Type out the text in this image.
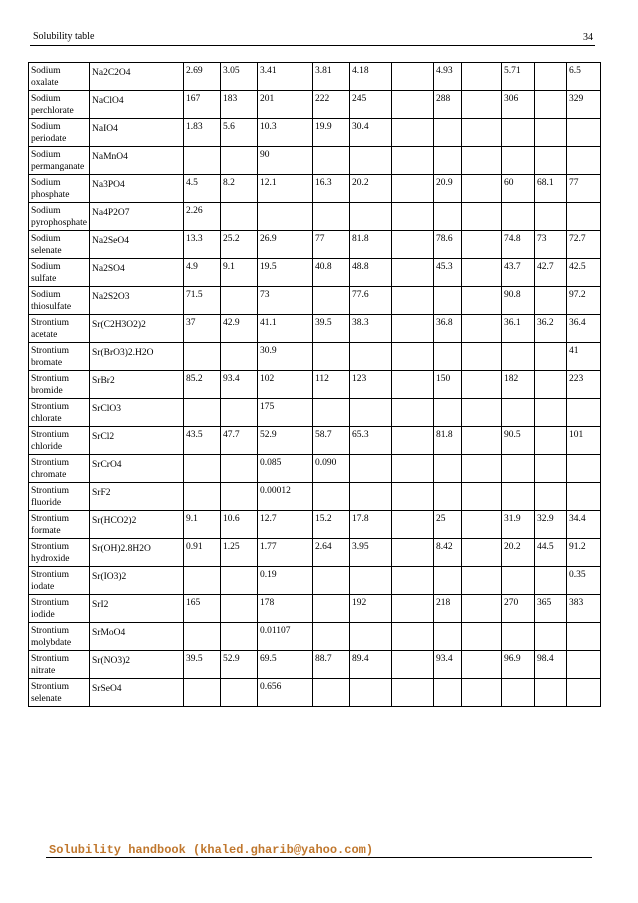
Solubility table	34
Sodium oxalate	Na2C2O4	2.69	3.05	3.41	3.81	4.18		4.93		5.71		6.5
Sodium perchlorate	NaClO4	167	183	201	222	245		288		306		329
Sodium periodate	NaIO4	1.83	5.6	10.3	19.9	30.4						
Sodium permanganate	NaMnO4			90								
Sodium phosphate	Na3PO4	4.5	8.2	12.1	16.3	20.2		20.9		60	68.1	77
Sodium pyrophosphate	Na4P2O7	2.26										
Sodium selenate	Na2SeO4	13.3	25.2	26.9	77	81.8		78.6		74.8	73	72.7
Sodium sulfate	Na2SO4	4.9	9.1	19.5	40.8	48.8		45.3		43.7	42.7	42.5
Sodium thiosulfate	Na2S2O3	71.5		73		77.6				90.8		97.2
Strontium acetate	Sr(C2H3O2)2	37	42.9	41.1	39.5	38.3		36.8		36.1	36.2	36.4
Strontium bromate	Sr(BrO3)2.H2O			30.9								41
Strontium bromide	SrBr2	85.2	93.4	102	112	123		150		182		223
Strontium chlorate	SrClO3			175								
Strontium chloride	SrCl2	43.5	47.7	52.9	58.7	65.3		81.8		90.5		101
Strontium chromate	SrCrO4			0.085	0.090							
Strontium fluoride	SrF2			0.00012								
Strontium formate	Sr(HCO2)2	9.1	10.6	12.7	15.2	17.8		25		31.9	32.9	34.4
Strontium hydroxide	Sr(OH)2.8H2O	0.91	1.25	1.77	2.64	3.95		8.42		20.2	44.5	91.2
Strontium iodate	Sr(IO3)2			0.19								0.35
Strontium iodide	SrI2	165		178		192		218		270	365	383
Strontium molybdate	SrMoO4			0.01107								
Strontium nitrate	Sr(NO3)2	39.5	52.9	69.5	88.7	89.4		93.4		96.9	98.4	
Strontium selenate	SrSeO4			0.656								
Solubility handbook (khaled.gharib@yahoo.com)
